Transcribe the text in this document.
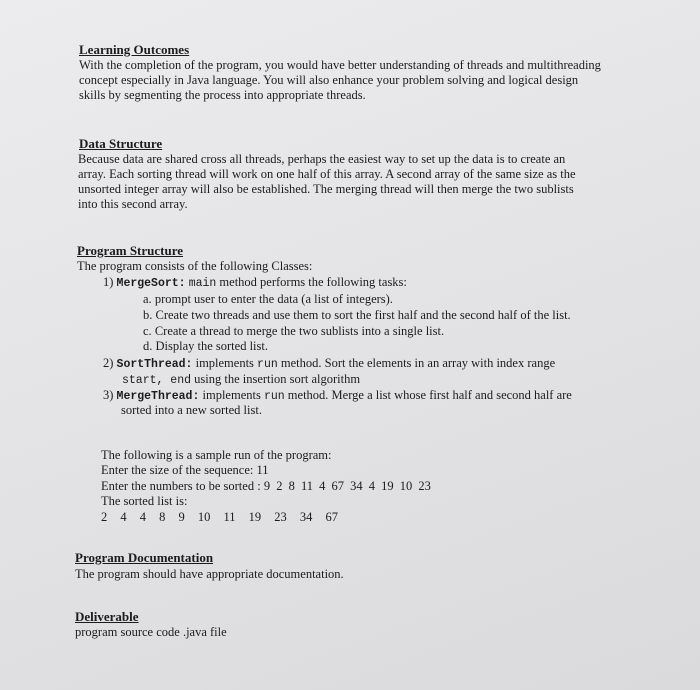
Learning Outcomes
With the completion of the program, you would have better understanding of threads and multithreading
concept especially in Java language. You will also enhance your problem solving and logical design
skills by segmenting the process into appropriate threads.
Data Structure
Because data are shared cross all threads, perhaps the easiest way to set up the data is to create an
array. Each sorting thread will work on one half of this array. A second array of the same size as the
unsorted integer array will also be established. The merging thread will then merge the two sublists
into this second array.
Program Structure
The program consists of the following Classes:
1) MergeSort: main method performs the following tasks:
a. prompt user to enter the data (a list of integers).
b. Create two threads and use them to sort the first half and the second half of the list.
c. Create a thread to merge the two sublists into a single list.
d. Display the sorted list.
2) SortThread: implements run method. Sort the elements in an array with index range
start, end using the insertion sort algorithm
3) MergeThread: implements run method. Merge a list whose first half and second half are
sorted into a new sorted list.
The following is a sample run of the program:
Enter the size of the sequence: 11
Enter the numbers to be sorted : 9 2 8 11 4 67 34 4 19 10 23
The sorted list is:
2 4 4 8 9 10 11 19 23 34 67
Program Documentation
The program should have appropriate documentation.
Deliverable
program source code .java file
